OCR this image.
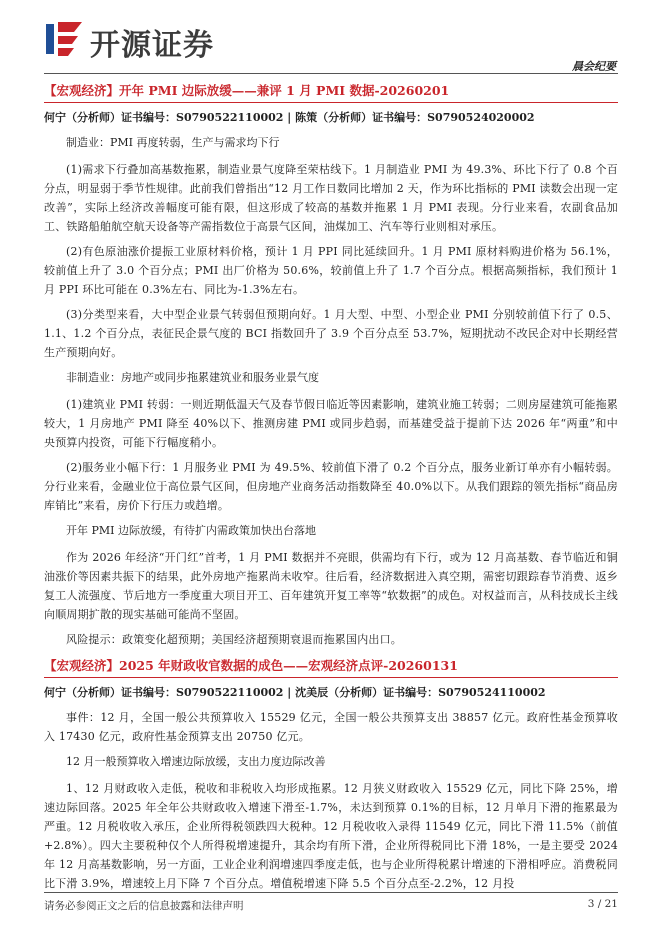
开源证券
晨会纪要

【宏观经济】开年 PMI 边际放缓——兼评 1 月 PMI 数据-20260201

何宁（分析师）证书编号：S0790522110002 | 陈策（分析师）证书编号：S0790524020002

制造业：PMI 再度转弱，生产与需求均下行

(1)需求下行叠加高基数拖累，制造业景气度降至荣枯线下。1 月制造业 PMI 为 49.3%、环比下行了 0.8 个百分点，明显弱于季节性规律。此前我们曾指出“12 月工作日数同比增加 2 天，作为环比指标的 PMI 读数会出现一定改善”，实际上经济改善幅度可能有限，但这形成了较高的基数并拖累 1 月 PMI 表现。分行业来看，农副食品加工、铁路船舶航空航天设备等产需指数位于高景气区间，油煤加工、汽车等行业则相对承压。

(2)有色原油涨价提振工业原材料价格，预计 1 月 PPI 同比延续回升。1 月 PMI 原材料购进价格为 56.1%，较前值上升了 3.0 个百分点；PMI 出厂价格为 50.6%，较前值上升了 1.7 个百分点。根据高频指标，我们预计 1 月 PPI 环比可能在 0.3%左右、同比为-1.3%左右。

(3)分类型来看，大中型企业景气转弱但预期向好。1 月大型、中型、小型企业 PMI 分别较前值下行了 0.5、1.1、1.2 个百分点，表征民企景气度的 BCI 指数回升了 3.9 个百分点至 53.7%，短期扰动不改民企对中长期经营生产预期向好。

非制造业：房地产或同步拖累建筑业和服务业景气度

(1)建筑业 PMI 转弱：一则近期低温天气及春节假日临近等因素影响，建筑业施工转弱；二则房屋建筑可能拖累较大，1 月房地产 PMI 降至 40%以下、推测房建 PMI 或同步趋弱，而基建受益于提前下达 2026 年“两重”和中央预算内投资，可能下行幅度稍小。

(2)服务业小幅下行：1 月服务业 PMI 为 49.5%、较前值下滑了 0.2 个百分点，服务业新订单亦有小幅转弱。分行业来看，金融业位于高位景气区间，但房地产业商务活动指数降至 40.0%以下。从我们跟踪的领先指标“商品房库销比”来看，房价下行压力或趋增。

开年 PMI 边际放缓，有待扩内需政策加快出台落地

作为 2026 年经济“开门红”首考，1 月 PMI 数据并不亮眼，供需均有下行，或为 12 月高基数、春节临近和铜油涨价等因素共振下的结果，此外房地产拖累尚未收窄。往后看，经济数据进入真空期，需密切跟踪春节消费、返乡复工人流强度、节后地方一季度重大项目开工、百年建筑开复工率等“软数据”的成色。对权益而言，从科技成长主线向顺周期扩散的现实基础可能尚不坚固。

风险提示：政策变化超预期；美国经济超预期衰退而拖累国内出口。

【宏观经济】2025 年财政收官数据的成色——宏观经济点评-20260131

何宁（分析师）证书编号：S0790522110002 | 沈美辰（分析师）证书编号：S0790524110002

事件：12 月，全国一般公共预算收入 15529 亿元，全国一般公共预算支出 38857 亿元。政府性基金预算收入 17430 亿元，政府性基金预算支出 20750 亿元。

12 月一般预算收入增速边际放缓，支出力度边际改善

1、12 月财政收入走低，税收和非税收入均形成拖累。12 月狭义财政收入 15529 亿元，同比下降 25%，增速边际回落。2025 年全年公共财政收入增速下滑至-1.7%，未达到预算 0.1%的目标，12 月单月下滑的拖累最为严重。12 月税收收入承压，企业所得税领跌四大税种。12 月税收收入录得 11549 亿元，同比下滑 11.5%（前值+2.8%）。四大主要税种仅个人所得税增速提升，其余均有所下滑，企业所得税同比下滑 18%，一是主要受 2024 年 12 月高基数影响，另一方面，工业企业利润增速四季度走低，也与企业所得税累计增速的下滑相呼应。消费税同比下滑 3.9%，增速较上月下降 7 个百分点。增值税增速下降 5.5 个百分点至-2.2%，12 月投

请务必参阅正文之后的信息披露和法律声明	3 / 21
